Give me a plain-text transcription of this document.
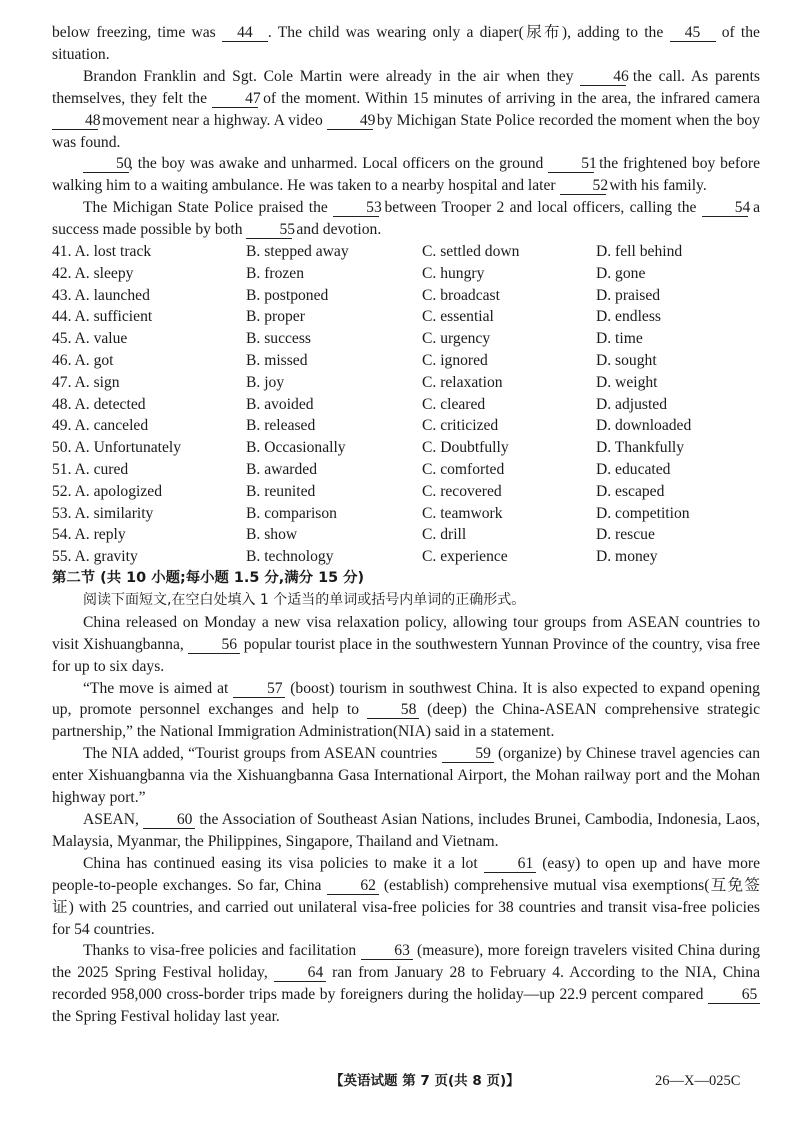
below freezing, time was 44 . The child was wearing only a diaper(尿布), adding to the 45 of the situation.

Brandon Franklin and Sgt. Cole Martin were already in the air when they 46 the call. As parents themselves, they felt the 47 of the moment. Within 15 minutes of arriving in the area, the infrared camera 48 movement near a highway. A video 49 by Michigan State Police recorded the moment when the boy was found.

50, the boy was awake and unharmed. Local officers on the ground 51 the frightened boy before walking him to a waiting ambulance. He was taken to a nearby hospital and later 52 with his family.

The Michigan State Police praised the 53 between Trooper 2 and local officers, calling the 54 a success made possible by both 55 and devotion.

41. A. lost track	B. stepped away	C. settled down	D. fell behind
42. A. sleepy	B. frozen	C. hungry	D. gone
43. A. launched	B. postponed	C. broadcast	D. praised
44. A. sufficient	B. proper	C. essential	D. endless
45. A. value	B. success	C. urgency	D. time
46. A. got	B. missed	C. ignored	D. sought
47. A. sign	B. joy	C. relaxation	D. weight
48. A. detected	B. avoided	C. cleared	D. adjusted
49. A. canceled	B. released	C. criticized	D. downloaded
50. A. Unfortunately	B. Occasionally	C. Doubtfully	D. Thankfully
51. A. cured	B. awarded	C. comforted	D. educated
52. A. apologized	B. reunited	C. recovered	D. escaped
53. A. similarity	B. comparison	C. teamwork	D. competition
54. A. reply	B. show	C. drill	D. rescue
55. A. gravity	B. technology	C. experience	D. money

第二节 (共 10 小题;每小题 1.5 分,满分 15 分)

阅读下面短文,在空白处填入 1 个适当的单词或括号内单词的正确形式。

China released on Monday a new visa relaxation policy, allowing tour groups from ASEAN countries to visit Xishuangbanna, 56 popular tourist place in the southwestern Yunnan Province of the country, visa free for up to six days.

“The move is aimed at 57 (boost) tourism in southwest China. It is also expected to expand opening up, promote personnel exchanges and help to 58 (deep) the China-ASEAN comprehensive strategic partnership,” the National Immigration Administration(NIA) said in a statement.

The NIA added, “Tourist groups from ASEAN countries 59 (organize) by Chinese travel agencies can enter Xishuangbanna via the Xishuangbanna Gasa International Airport, the Mohan railway port and the Mohan highway port.”

ASEAN, 60 the Association of Southeast Asian Nations, includes Brunei, Cambodia, Indonesia, Laos, Malaysia, Myanmar, the Philippines, Singapore, Thailand and Vietnam.

China has continued easing its visa policies to make it a lot 61 (easy) to open up and have more people-to-people exchanges. So far, China 62 (establish) comprehensive mutual visa exemptions(互免签证) with 25 countries, and carried out unilateral visa-free policies for 38 countries and transit visa-free policies for 54 countries.

Thanks to visa-free policies and facilitation 63 (measure), more foreign travelers visited China during the 2025 Spring Festival holiday, 64 ran from January 28 to February 4. According to the NIA, China recorded 958,000 cross-border trips made by foreigners during the holiday—up 22.9 percent compared 65 the Spring Festival holiday last year.

【英语试题 第 7 页(共 8 页)】	26—X—025C
